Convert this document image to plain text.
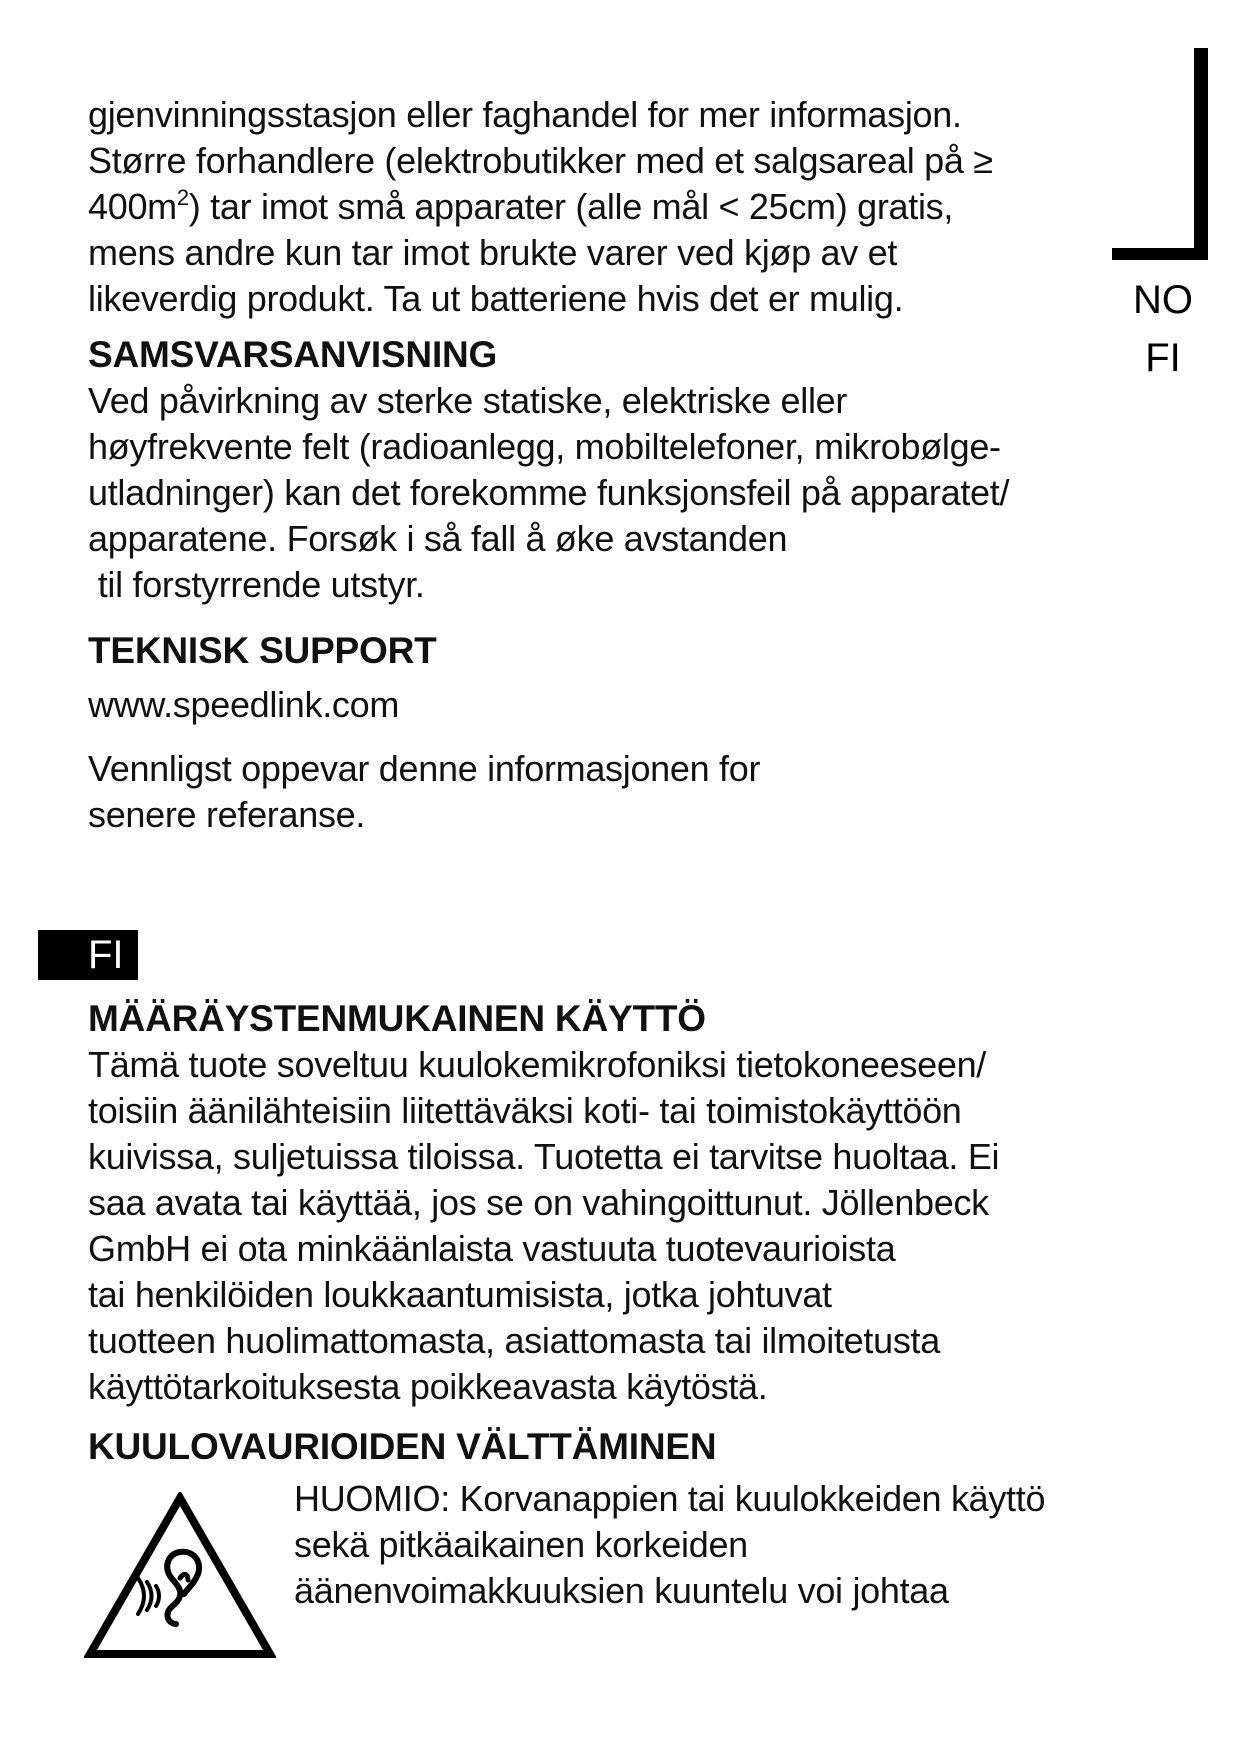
gjenvinningsstasjon eller faghandel for mer informasjon.
Større forhandlere (elektrobutikker med et salgsareal på ≥
$400m^2$) tar imot små apparater (alle mål < 25cm) gratis,
mens andre kun tar imot brukte varer ved kjøp av et
likeverdig produkt. Ta ut batteriene hvis det er mulig.

SAMSVARSANVISNING

Ved påvirkning av sterke statiske, elektriske eller
høyfrekvente felt (radioanlegg, mobiltelefoner, mikrobølge-
utladninger) kan det forekomme funksjonsfeil på apparatet/
apparatene. Forsøk i så fall å øke avstanden
til forstyrrende utstyr.

TEKNISK SUPPORT

www.speedlink.com

Vennligst oppevar denne informasjonen for
senere referanse.

FI
MÄÄRÄYSTENMUKAINEN KÄYTTÖ

Tämä tuote soveltuu kuulokemikrofoniksi tietokoneeseen/
toisiin äänilähteisiin liitettäväksi koti- tai toimistokäyttöön
kuivissa, suljetuissa tiloissa. Tuotetta ei tarvitse huoltaa. Ei
saa avata tai käyttää, jos se on vahingoittunut. Jöllenbeck
GmbH ei ota minkäänlaista vastuuta tuotevaurioista
tai henkilöiden loukkaantumisista, jotka johtuvat
tuotteen huolimattomasta, asiattomasta tai ilmoitetusta
käyttötarkoituksesta poikkeavasta käytöstä.

KUULOVAURIOIDEN VÄLTTÄMINEN

HUOMIO: Korvanappien tai kuulokkeiden käyttö
sekä pitkäaikainen korkeiden
äänenvoimakkuuksien kuuntelu voi johtaa

NO
FI
